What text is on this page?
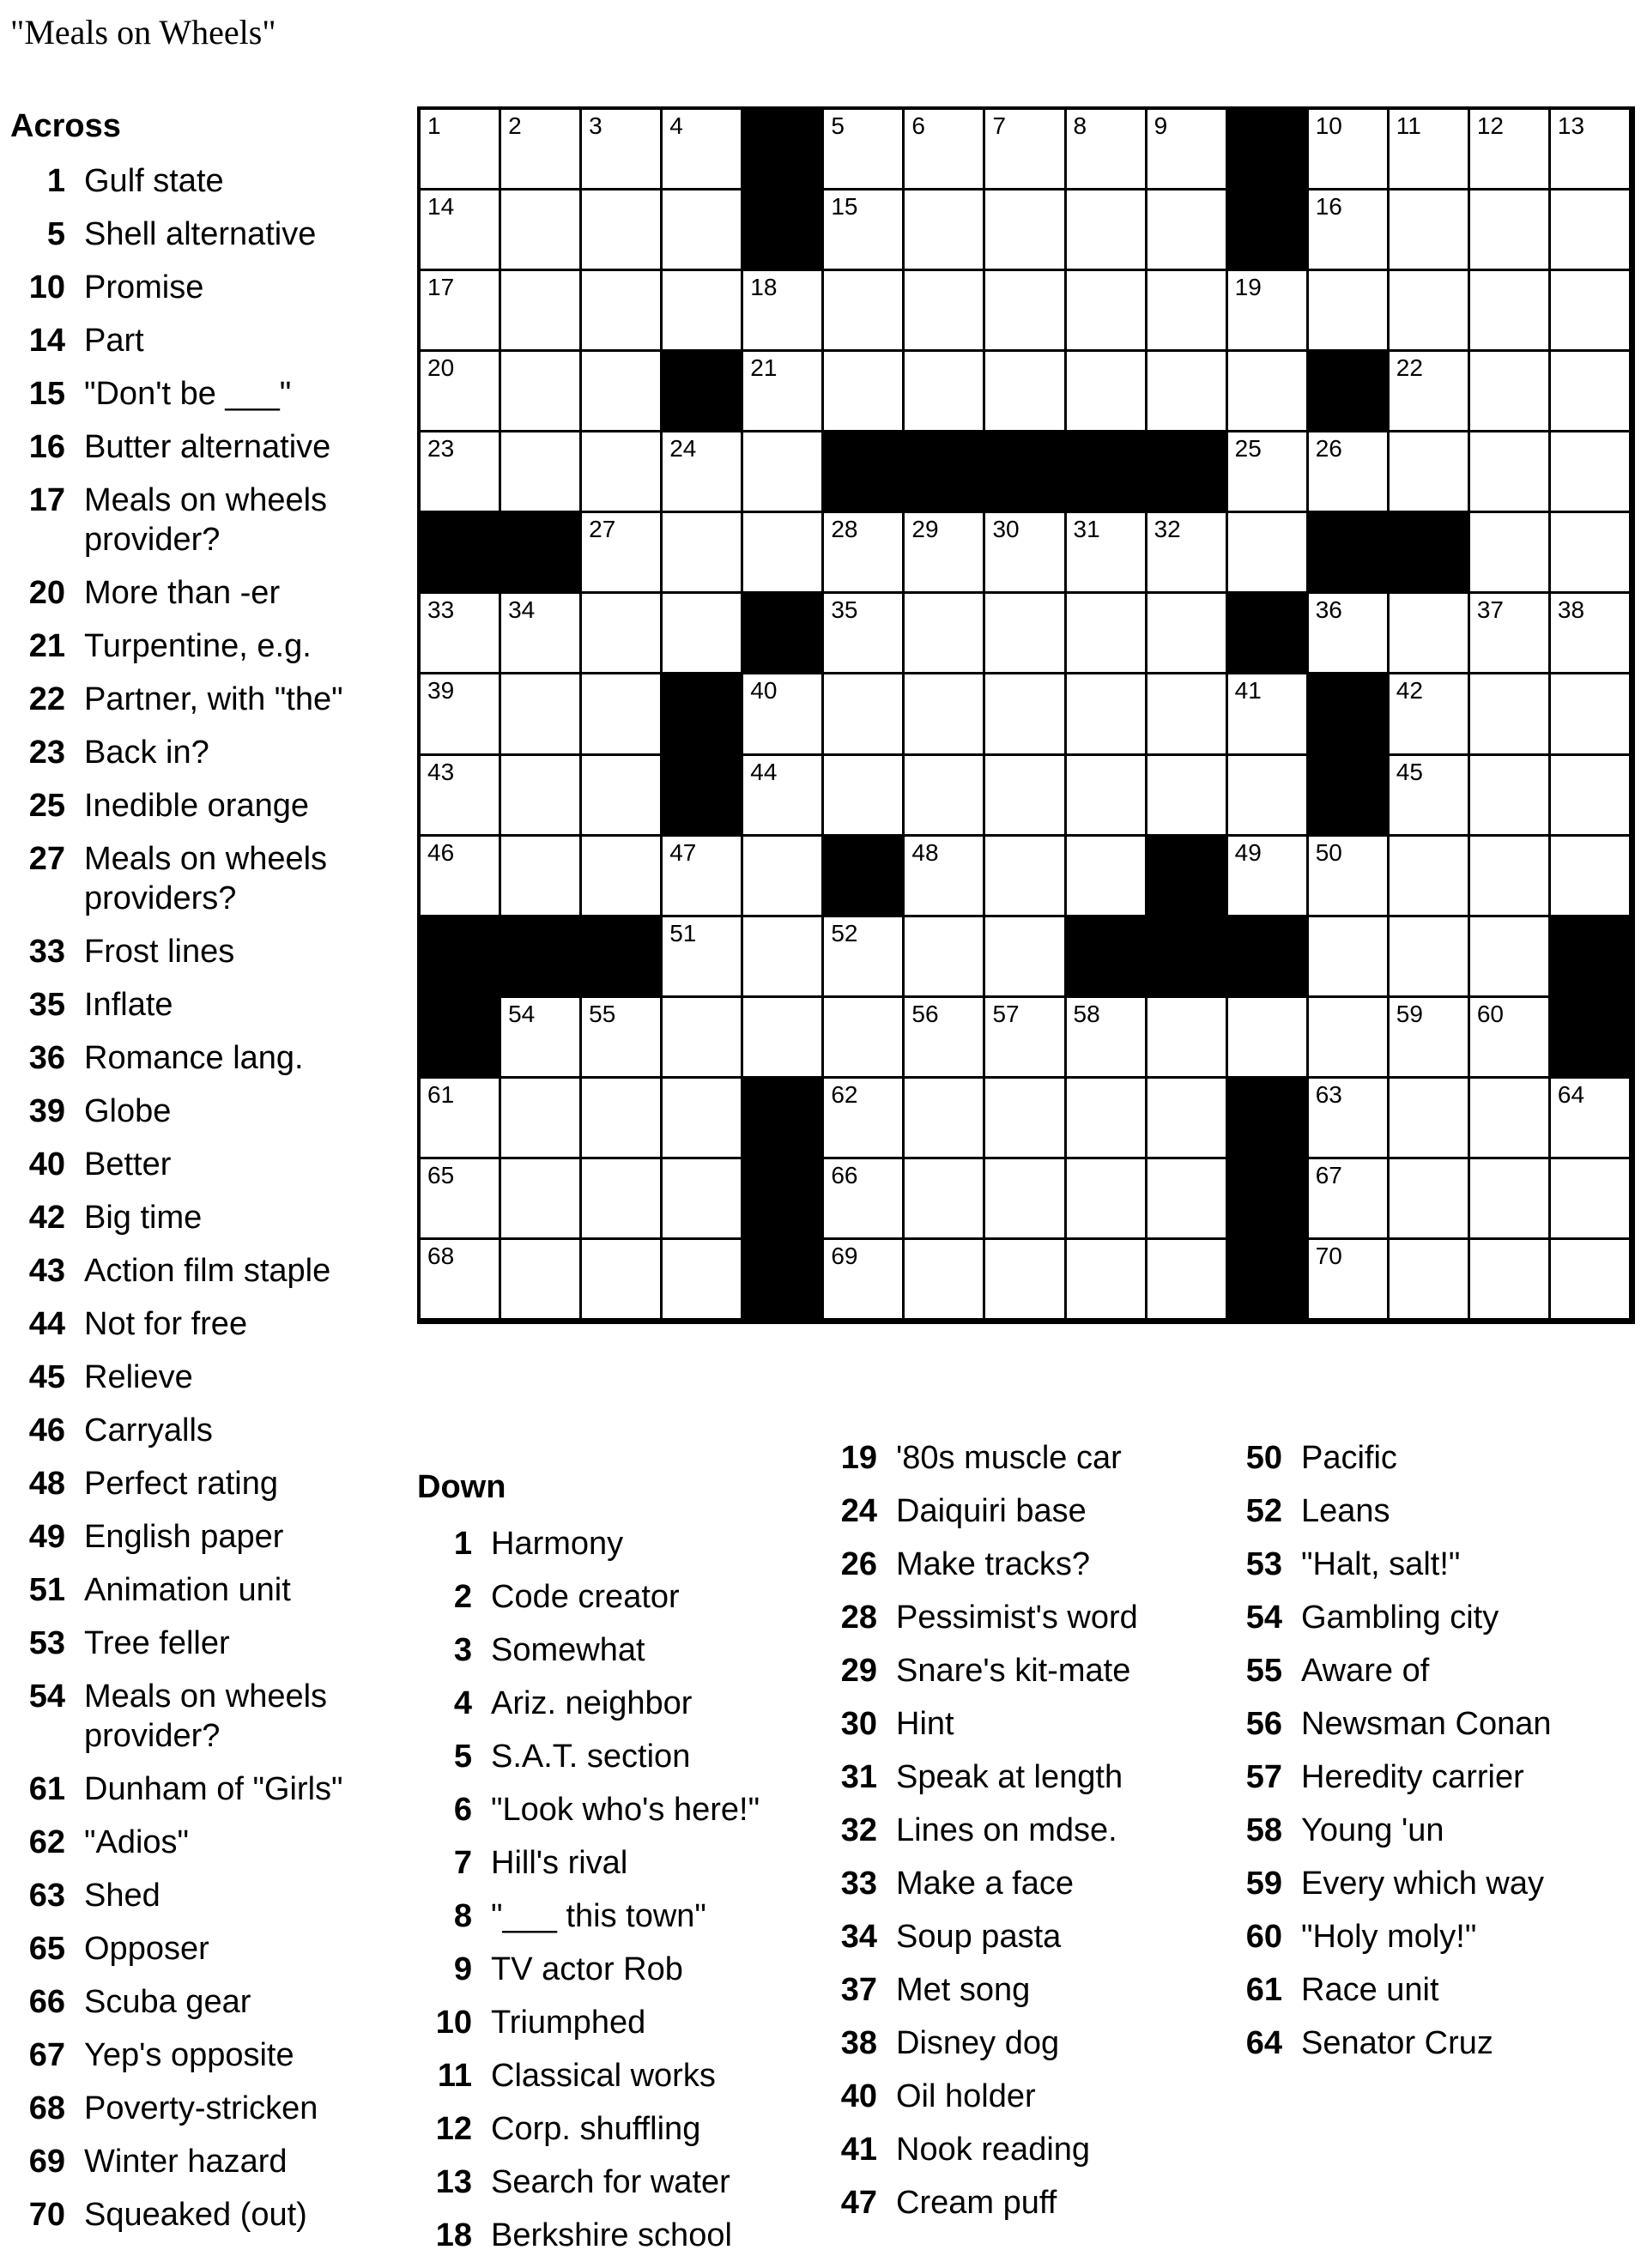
"Meals on Wheels"
Across
Down
1	2	3	4	5	6	7	8	9	10 11 12 13
14	15	16
17	18	19
20	21	22
23	24	25 26
27	28 29 30 31 32
33 34	35	36	37 38
39	40	41	42
43	44	45
46	47	48	49 50
51	52
54 55	56 57 58	59 60
61	62	63	64
65	66	67
68	69	70
1 Gulf state
5 Shell alternative
10 Promise
14 Part
15 "Don't be ___"
16 Butter alternative
17 Meals on wheels provider?
20 More than -er
21 Turpentine, e.g.
22 Partner, with "the"
23 Back in?
25 Inedible orange
27 Meals on wheels providers?
33 Frost lines
35 Inflate
36 Romance lang.
39 Globe
40 Better
42 Big time
43 Action film staple
44 Not for free
45 Relieve
46 Carryalls
48 Perfect rating
49 English paper
51 Animation unit
53 Tree feller
54 Meals on wheels provider?
61 Dunham of "Girls"
62 "Adios"
63 Shed
65 Opposer
66 Scuba gear
67 Yep's opposite
68 Poverty-stricken
69 Winter hazard
70 Squeaked (out)
1 Harmony
2 Code creator
3 Somewhat
4 Ariz. neighbor
5 S.A.T. section
6 "Look who's here!"
7 Hill's rival
8 "___ this town"
9 TV actor Rob
10 Triumphed
11 Classical works
12 Corp. shuffling
13 Search for water
18 Berkshire school
19 '80s muscle car
24 Daiquiri base
26 Make tracks?
28 Pessimist's word
29 Snare's kit-mate
30 Hint
31 Speak at length
32 Lines on mdse.
33 Make a face
34 Soup pasta
37 Met song
38 Disney dog
40 Oil holder
41 Nook reading
47 Cream puff
50 Pacific
52 Leans
53 "Halt, salt!"
54 Gambling city
55 Aware of
56 Newsman Conan
57 Heredity carrier
58 Young 'un
59 Every which way
60 "Holy moly!"
61 Race unit
64 Senator Cruz
